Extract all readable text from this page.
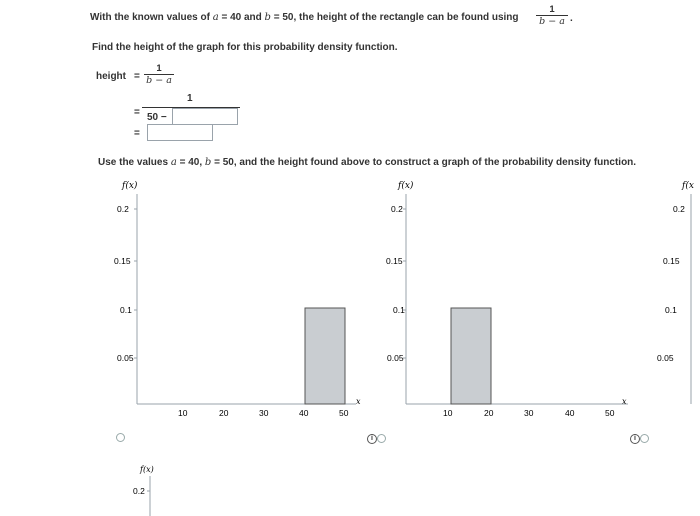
With the known values of a = 40 and b = 50, the height of the rectangle can be found using
1
b − a .
Find the height of the graph for this probability density function.
height =
1
b − a
=
1
50 −
=
Use the values a = 40, b = 50, and the height found above to construct a graph of the probability density function.
f(x)
0.2
0.15
0.1
0.05
10	20	30	40	50
x
f(x)
0.2
0.15
0.1
0.05
10	20	30	40	50
x
f(x
0.2
0.15
0.1
0.05
f(x)
0.2
i	i
